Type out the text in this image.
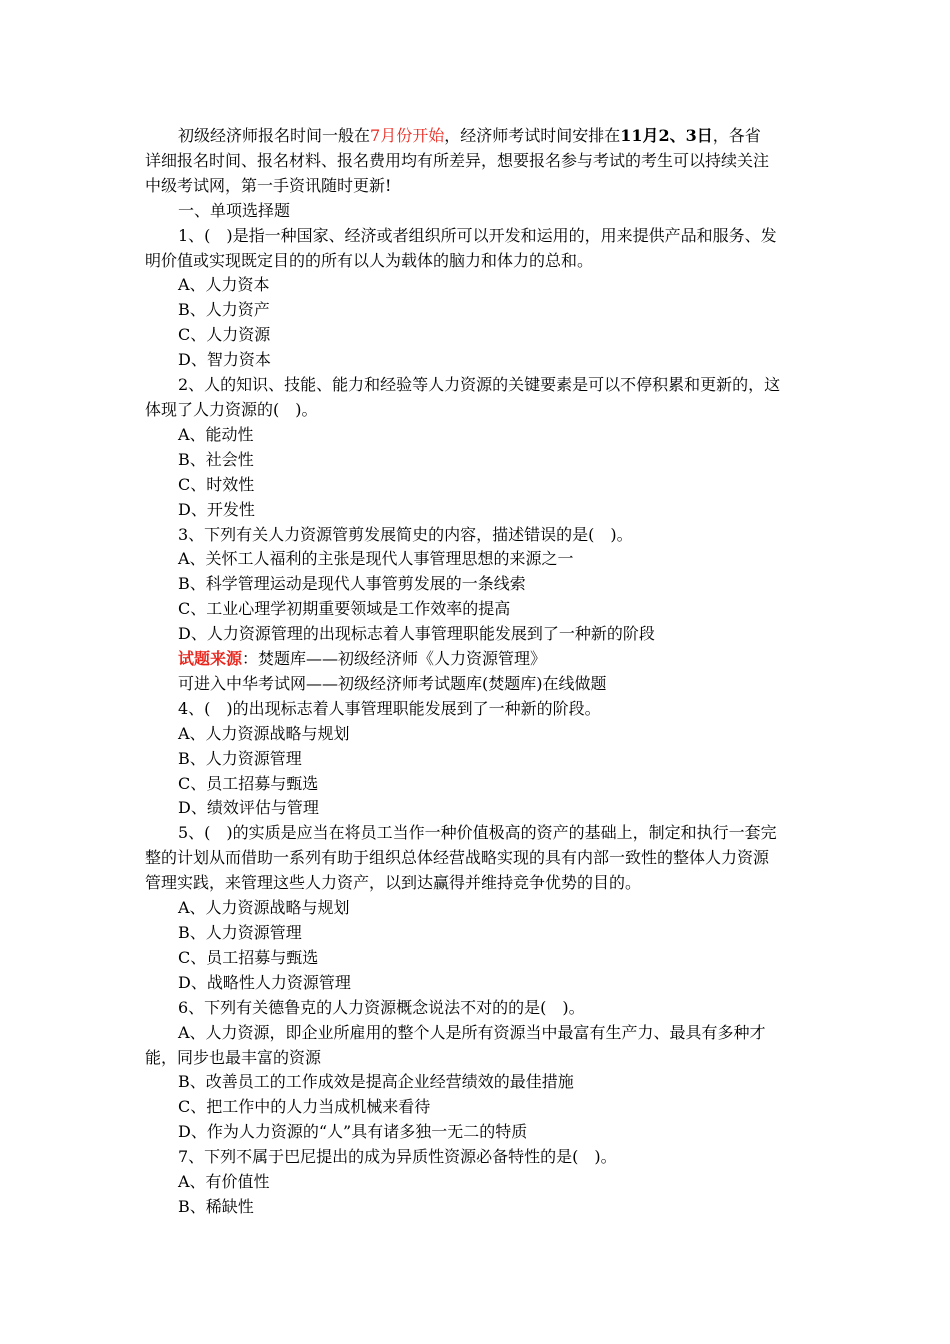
初级经济师报名时间一般在7月份开始，经济师考试时间安排在11月2、3日，各省

详细报名时间、报名材料、报名费用均有所差异，想要报名参与考试的考生可以持续关注

中级考试网，第一手资讯随时更新!

一、单项选择题

1、(　)是指一种国家、经济或者组织所可以开发和运用的，用来提供产品和服务、发

明价值或实现既定目的的所有以人为载体的脑力和体力的总和。

A、人力资本

B、人力资产

C、人力资源

D、智力资本

2、人的知识、技能、能力和经验等人力资源的关键要素是可以不停积累和更新的，这

体现了人力资源的(　)。

A、能动性

B、社会性

C、时效性

D、开发性

3、下列有关人力资源管剪发展简史的内容，描述错误的是(　)。

A、关怀工人福利的主张是现代人事管理思想的来源之一

B、科学管理运动是现代人事管剪发展的一条线索

C、工业心理学初期重要领域是工作效率的提高

D、人力资源管理的出现标志着人事管理职能发展到了一种新的阶段

试题来源：焚题库——初级经济师《人力资源管理》

可进入中华考试网——初级经济师考试题库(焚题库)在线做题

4、(　)的出现标志着人事管理职能发展到了一种新的阶段。

A、人力资源战略与规划

B、人力资源管理

C、员工招募与甄选

D、绩效评估与管理

5、(　)的实质是应当在将员工当作一种价值极高的资产的基础上，制定和执行一套完

整的计划从而借助一系列有助于组织总体经营战略实现的具有内部一致性的整体人力资源

管理实践，来管理这些人力资产，以到达赢得并维持竞争优势的目的。

A、人力资源战略与规划

B、人力资源管理

C、员工招募与甄选

D、战略性人力资源管理

6、下列有关德鲁克的人力资源概念说法不对的的是(　)。

A、人力资源，即企业所雇用的整个人是所有资源当中最富有生产力、最具有多种才

能，同步也最丰富的资源

B、改善员工的工作成效是提高企业经营绩效的最佳措施

C、把工作中的人力当成机械来看待

D、作为人力资源的“人”具有诸多独一无二的特质

7、下列不属于巴尼提出的成为异质性资源必备特性的是(　)。

A、有价值性

B、稀缺性
